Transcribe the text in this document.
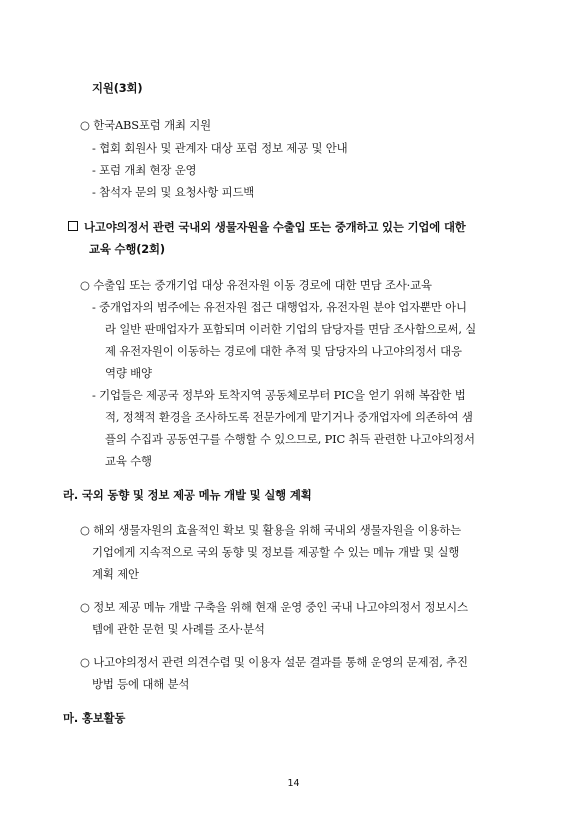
지원(3회)
○ 한국ABS포럼 개최 지원
- 협회 회원사 및 관계자 대상 포럼 정보 제공 및 안내
- 포럼 개최 현장 운영
- 참석자 문의 및 요청사항 피드백
나고야의정서 관련 국내외 생물자원을 수출입 또는 중개하고 있는 기업에 대한
교육 수행(2회)
○ 수출입 또는 중개기업 대상 유전자원 이동 경로에 대한 면담 조사·교육
- 중개업자의 범주에는 유전자원 접근 대행업자, 유전자원 분야 업자뿐만 아니
라 일반 판매업자가 포함되며 이러한 기업의 담당자를 면담 조사함으로써, 실
제 유전자원이 이동하는 경로에 대한 추적 및 담당자의 나고야의정서 대응
역량 배양
- 기업들은 제공국 정부와 토착지역 공동체로부터 PIC을 얻기 위해 복잡한 법
적, 정책적 환경을 조사하도록 전문가에게 맡기거나 중개업자에 의존하여 샘
플의 수집과 공동연구를 수행할 수 있으므로, PIC 취득 관련한 나고야의정서
교육 수행
라. 국외 동향 및 정보 제공 메뉴 개발 및 실행 계획
○ 해외 생물자원의 효율적인 확보 및 활용을 위해 국내외 생물자원을 이용하는
기업에게 지속적으로 국외 동향 및 정보를 제공할 수 있는 메뉴 개발 및 실행
계획 제안
○ 정보 제공 메뉴 개발 구축을 위해 현재 운영 중인 국내 나고야의정서 정보시스
템에 관한 문헌 및 사례를 조사·분석
○ 나고야의정서 관련 의견수렴 및 이용자 설문 결과를 통해 운영의 문제점, 추진
방법 등에 대해 분석
마. 홍보활동
14
